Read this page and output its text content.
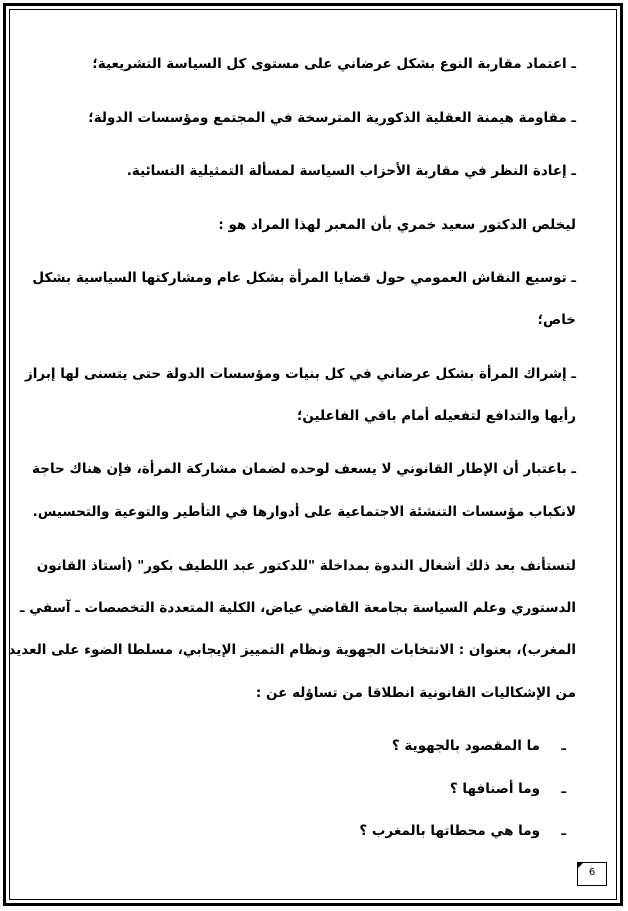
ـ اعتماد مقاربة النوع بشكل عرضاني على مستوى كل السياسة التشريعية؛
ـ مقاومة هيمنة العقلية الذكورية المترسخة في المجتمع ومؤسسات الدولة؛
ـ إعادة النظر في مقاربة الأحزاب السياسة لمسألة التمثيلية النسائية.
ليخلص الدكتور سعيد خمري بأن المعبر لهذا المراد هو :
ـ توسيع النقاش العمومي حول قضايا المرأة بشكل عام ومشاركتها السياسية بشكل
خاص؛
ـ إشراك المرأة بشكل عرضاني في كل بنيات ومؤسسات الدولة حتى يتسنى لها إبراز
رأيها والتدافع لتفعيله أمام باقي الفاعلين؛
ـ باعتبار أن الإطار القانوني لا يسعف لوحده لضمان مشاركة المرأة، فإن هناك حاجة
لانكباب مؤسسات التنشئة الاجتماعية على أدوارها في التأطير والتوعية والتحسيس.
لتستأنف بعد ذلك أشغال الندوة بمداخلة "للدكتور عبد اللطيف بكور" (أستاذ القانون
الدستوري وعلم السياسة بجامعة القاضي عياض، الكلية المتعددة التخصصات ـ آسفي ـ
المغرب)، بعنوان : الانتخابات الجهوية ونظام التمييز الإيجابي، مسلطا الضوء على العديد
من الإشكاليات القانونية انطلاقا من تساؤله عن :
ـما المقصود بالجهوية ؟
ـوما أصنافها ؟
ـوما هي محطاتها بالمغرب ؟
6
